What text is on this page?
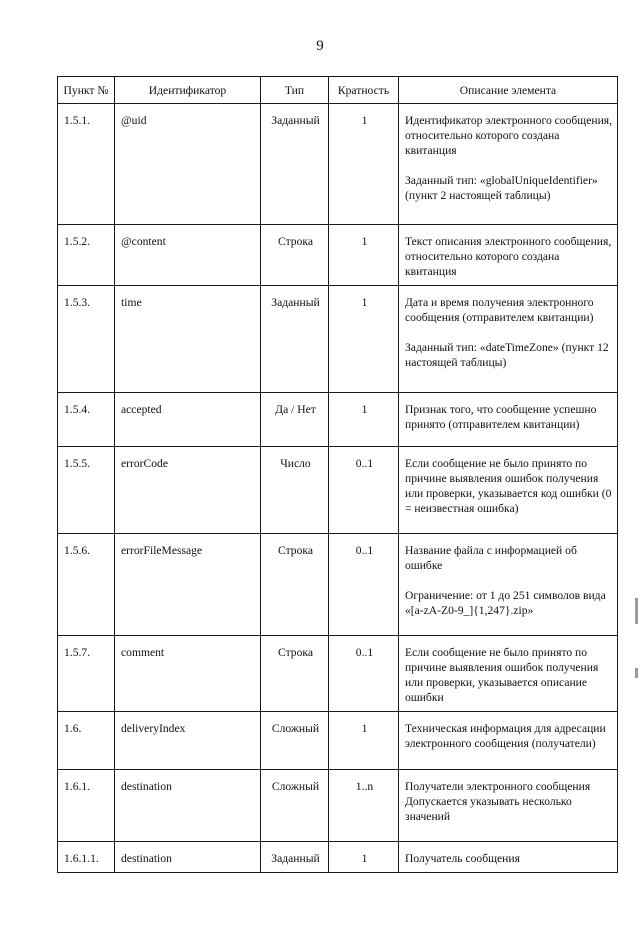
9
Пункт №	Идентификатор	Тип	Кратность	Описание элемента
1.5.1.	@uid	Заданный	1	Идентификатор электронного сообщения, относительно которого создана квитанция
Заданный тип: «globalUniqueIdentifier» (пункт 2 настоящей таблицы)

1.5.2.	@content	Строка	1	Текст описания электронного сообщения, относительно которого создана квитанция

1.5.3.	time	Заданный	1	Дата и время получения электронного сообщения (отправителем квитанции)
Заданный тип: «dateTimeZone» (пункт 12 настоящей таблицы)

1.5.4.	accepted	Да / Нет	1	Признак того, что сообщение успешно принято (отправителем квитанции)

1.5.5.	errorCode	Число	0..1	Если сообщение не было принято по причине выявления ошибок получения или проверки, указывается код ошибки (0 = неизвестная ошибка)

1.5.6.	errorFileMessage	Строка	0..1	Название файла с информацией об ошибке
Ограничение: от 1 до 251 символов вида «[a-zA-Z0-9_]{1,247}.zip»

1.5.7.	comment	Строка	0..1	Если сообщение не было принято по причине выявления ошибок получения или проверки, указывается описание ошибки

1.6.	deliveryIndex	Сложный	1	Техническая информация для адресации электронного сообщения (получатели)

1.6.1.	destination	Сложный	1..n	Получатели электронного сообщения
Допускается указывать несколько значений

1.6.1.1.	destination	Заданный	1	Получатель сообщения
